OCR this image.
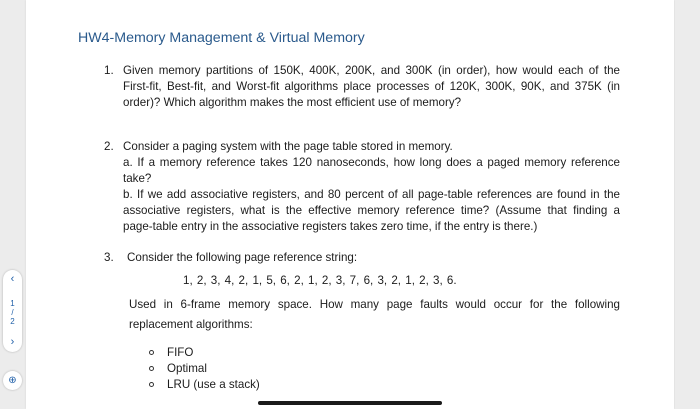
HW4-Memory Management & Virtual Memory
1. Given memory partitions of 150K, 400K, 200K, and 300K (in order), how would each of the
First-fit, Best-fit, and Worst-fit algorithms place processes of 120K, 300K, 90K, and 375K (in
order)? Which algorithm makes the most efficient use of memory?
2. Consider a paging system with the page table stored in memory.
a. If a memory reference takes 120 nanoseconds, how long does a paged memory reference
take?
b. If we add associative registers, and 80 percent of all page-table references are found in the
associative registers, what is the effective memory reference time? (Assume that finding a
page-table entry in the associative registers takes zero time, if the entry is there.)
3. Consider the following page reference string:
1, 2, 3, 4, 2, 1, 5, 6, 2, 1, 2, 3, 7, 6, 3, 2, 1, 2, 3, 6.
Used in 6-frame memory space. How many page faults would occur for the following
replacement algorithms:
FIFO
Optimal
LRU (use a stack)
‹
1
/
2
›
⊕
